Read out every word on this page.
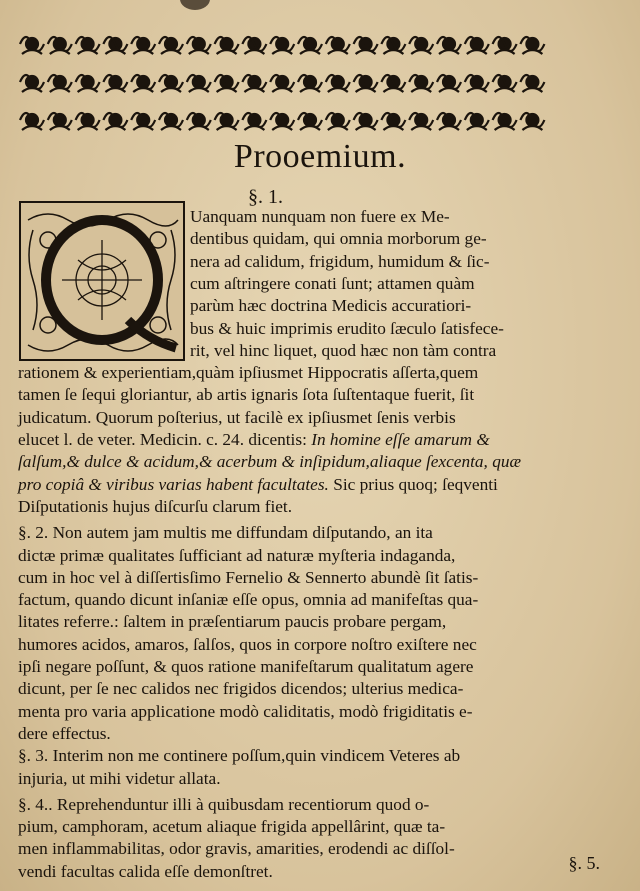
Prooemium.
§. 1.
Uanquam nunquam non fuere ex Me-
dentibus quidam, qui omnia morborum ge-
nera ad calidum, frigidum, humidum & ſic-
cum aſtringere conati ſunt; attamen quàm
parùm hæc doctrina Medicis accuratiori-
bus & huic imprimis erudito ſæculo ſatisfece-
rit, vel hinc liquet, quod hæc non tàm contra
rationem & experientiam,quàm ipſiusmet Hippocratis aſſerta,quem
tamen ſe ſequi gloriantur, ab artis ignaris ſota ſuſtentaque fuerit, ſit
judicatum. Quorum poſterius, ut facilè ex ipſiusmet ſenis verbis
elucet l. de veter. Medicin. c. 24. dicentis: In homine eſſe amarum &
ſalſum,& dulce & acidum,& acerbum & inſipidum,aliaque ſexcenta, quæ
pro copiâ & viribus varias habent facultates. Sic prius quoq; ſeqventi
Diſputationis hujus diſcurſu clarum fiet.
§. 2. Non autem jam multis me diffundam diſputando, an ita
dictæ primæ qualitates ſufficiant ad naturæ myſteria indaganda,
cum in hoc vel à diſſertisſimo Fernelio & Sennerto abundè ſit ſatis-
factum, quando dicunt inſaniæ eſſe opus, omnia ad manifeſtas qua-
litates referre.: ſaltem in præſentiarum paucis probare pergam,
humores acidos, amaros, ſalſos, quos in corpore noſtro exiſtere nec
ipſi negare poſſunt, & quos ratione manifeſtarum qualitatum agere
dicunt, per ſe nec calidos nec frigidos dicendos; ulterius medica-
menta pro varia applicatione modò caliditatis, modò frigiditatis e-
dere effectus.
§. 3. Interim non me continere poſſum,quin vindicem Veteres ab
injuria, ut mihi videtur allata.
§. 4.. Reprehenduntur illi à quibusdam recentiorum quod o-
pium, camphoram, acetum aliaque frigida appellârint, quæ ta-
men inflammabilitas, odor gravis, amarities, erodendi ac diſſol-
vendi facultas calida eſſe demonſtret.	§. 5.
